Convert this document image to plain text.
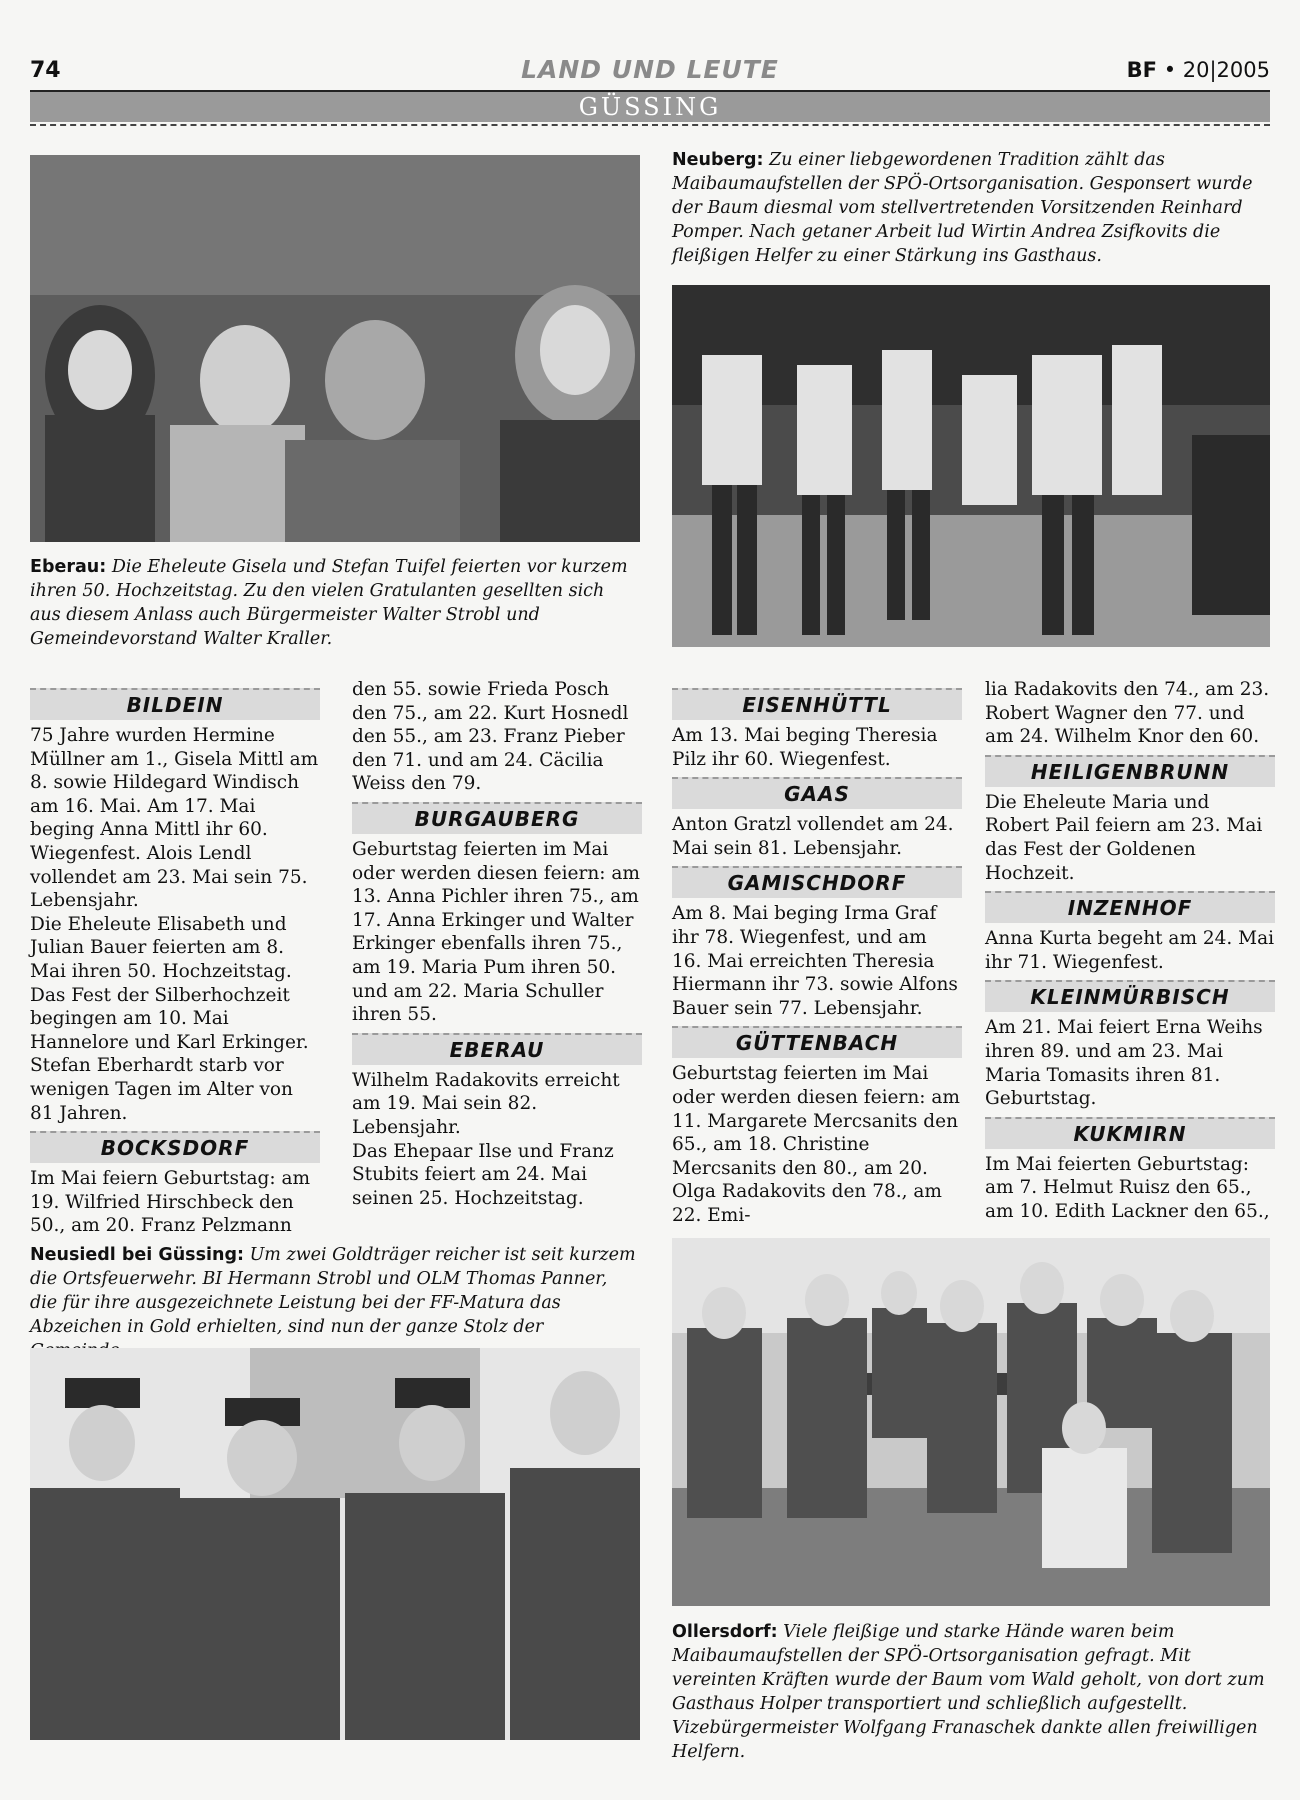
74	LAND UND LEUTE	BF • 20|2005
GÜSSING
Eberau: Die Eheleute Gisela und Stefan Tuifel feierten vor kurzem ihren 50. Hochzeitstag. Zu den vielen Gratulanten gesellten sich aus diesem Anlass auch Bürgermeister Walter Strobl und Gemeindevorstand Walter Kraller.
Neuberg: Zu einer liebgewordenen Tradition zählt das Maibaumaufstellen der SPÖ-Ortsorganisation. Gesponsert wurde der Baum diesmal vom stellvertretenden Vorsitzenden Reinhard Pomper. Nach getaner Arbeit lud Wirtin Andrea Zsifkovits die fleißigen Helfer zu einer Stärkung ins Gasthaus.
BILDEIN

75 Jahre wurden Hermine Müllner am 1., Gisela Mittl am 8. sowie Hildegard Windisch am 16. Mai. Am 17. Mai beging Anna Mittl ihr 60. Wiegenfest. Alois Lendl vollendet am 23. Mai sein 75. Lebensjahr.

Die Eheleute Elisabeth und Julian Bauer feierten am 8. Mai ihren 50. Hochzeitstag.

Das Fest der Silberhochzeit begingen am 10. Mai Hannelore und Karl Erkinger.

Stefan Eberhardt starb vor wenigen Tagen im Alter von 81 Jahren.

BOCKSDORF

Im Mai feiern Geburtstag: am 19. Wilfried Hirschbeck den 50., am 20. Franz Pelzmann

den 55. sowie Frieda Posch den 75., am 22. Kurt Hosnedl den 55., am 23. Franz Pieber den 71. und am 24. Cäcilia Weiss den 79.

BURGAUBERG

Geburtstag feierten im Mai oder werden diesen feiern: am 13. Anna Pichler ihren 75., am 17. Anna Erkinger und Walter Erkinger ebenfalls ihren 75., am 19. Maria Pum ihren 50. und am 22. Maria Schuller ihren 55.

EBERAU

Wilhelm Radakovits erreicht am 19. Mai sein 82. Lebensjahr.

Das Ehepaar Ilse und Franz Stubits feiert am 24. Mai seinen 25. Hochzeitstag.

EISENHÜTTL

Am 13. Mai beging Theresia Pilz ihr 60. Wiegenfest.

GAAS

Anton Gratzl vollendet am 24. Mai sein 81. Lebensjahr.

GAMISCHDORF

Am 8. Mai beging Irma Graf ihr 78. Wiegenfest, und am 16. Mai erreichten Theresia Hiermann ihr 73. sowie Alfons Bauer sein 77. Lebensjahr.

GÜTTENBACH

Geburtstag feierten im Mai oder werden diesen feiern: am 11. Margarete Mercsanits den 65., am 18. Christine Mercsanits den 80., am 20. Olga Radakovits den 78., am 22. Emi-

lia Radakovits den 74., am 23. Robert Wagner den 77. und am 24. Wilhelm Knor den 60.

HEILIGENBRUNN

Die Eheleute Maria und Robert Pail feiern am 23. Mai das Fest der Goldenen Hochzeit.

INZENHOF

Anna Kurta begeht am 24. Mai ihr 71. Wiegenfest.

KLEINMÜRBISCH

Am 21. Mai feiert Erna Weihs ihren 89. und am 23. Mai Maria Tomasits ihren 81. Geburtstag.

KUKMIRN

Im Mai feierten Geburtstag: am 7. Helmut Ruisz den 65., am 10. Edith Lackner den 65.,

Neusiedl bei Güssing: Um zwei Goldträger reicher ist seit kurzem die Ortsfeuerwehr. BI Hermann Strobl und OLM Thomas Panner, die für ihre ausgezeichnete Leistung bei der FF-Matura das Abzeichen in Gold erhielten, sind nun der ganze Stolz der
Ollersdorf: Viele fleißige und starke Hände waren beim Maibaumaufstellen der SPÖ-Ortsorganisation gefragt. Mit vereinten Kräften wurde der Baum vom Wald geholt, von dort zum Gasthaus Holper transportiert und schließlich aufgestellt. Vizebürgermeister Wolfgang Franaschek dankte allen freiwilligen Helfern.
